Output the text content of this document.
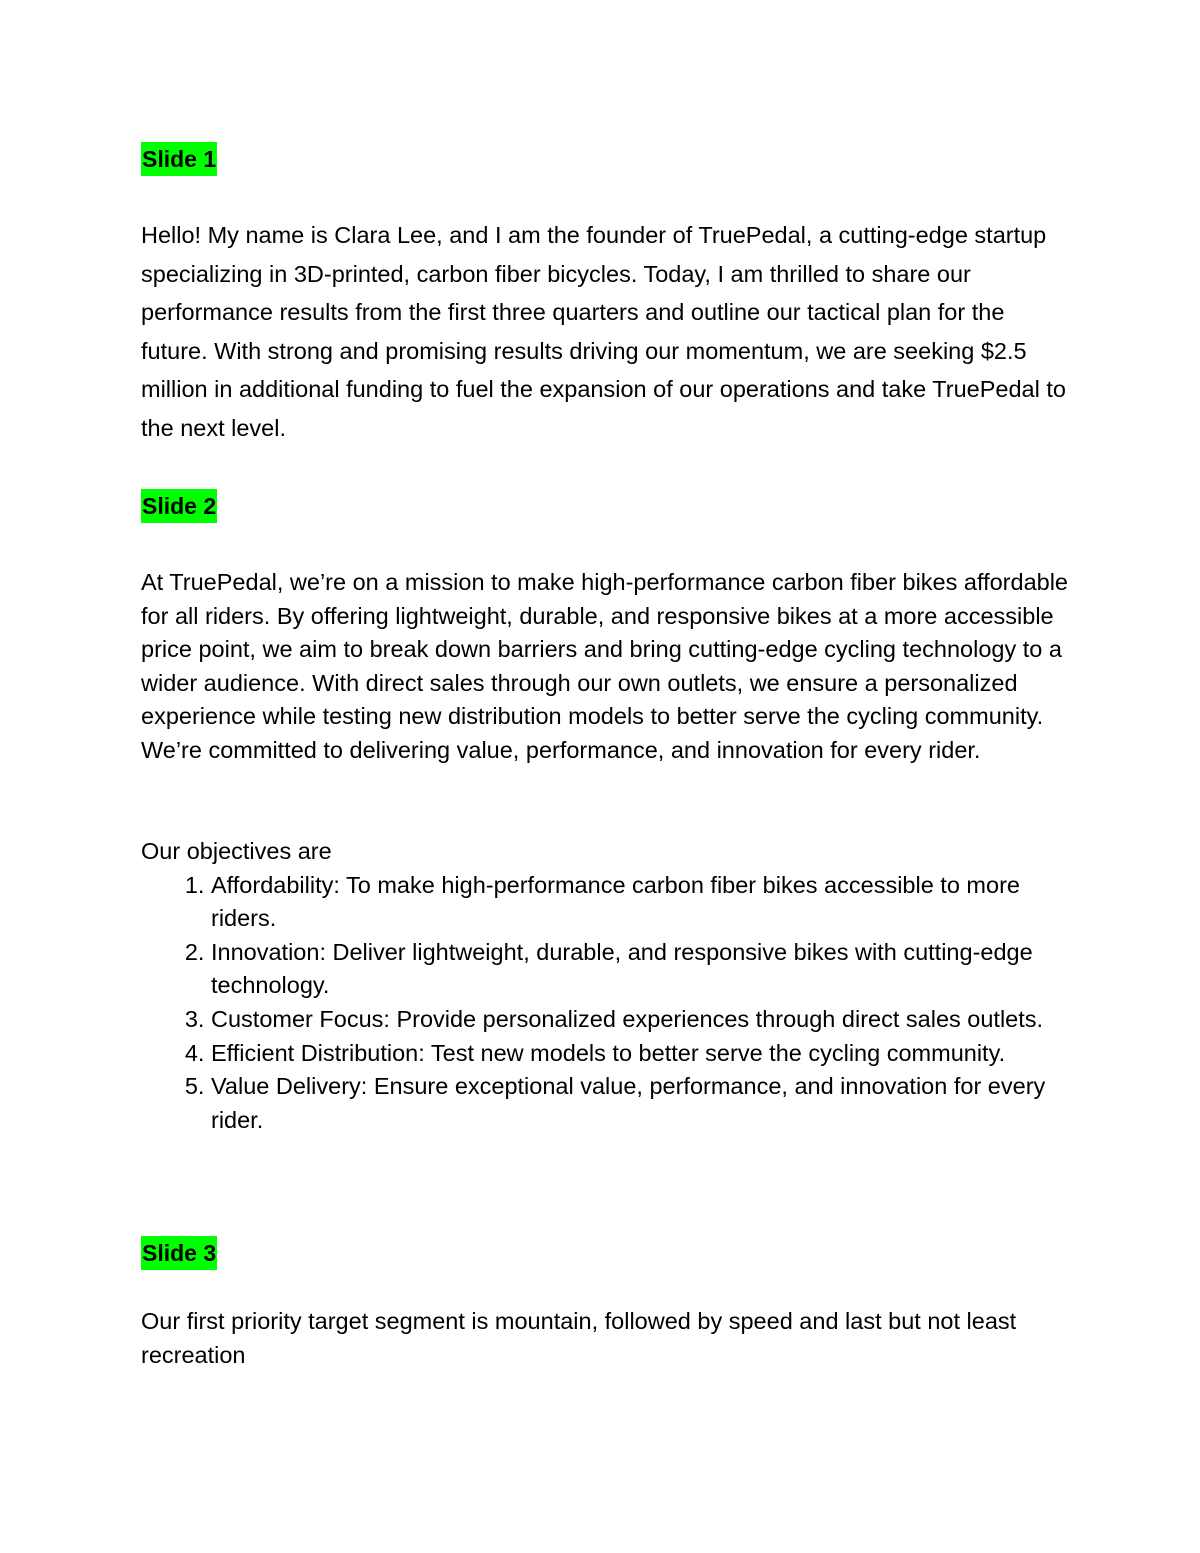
Slide 1

Hello! My name is Clara Lee, and I am the founder of TruePedal, a cutting-edge startup specializing in 3D-printed, carbon fiber bicycles. Today, I am thrilled to share our performance results from the first three quarters and outline our tactical plan for the future. With strong and promising results driving our momentum, we are seeking $2.5 million in additional funding to fuel the expansion of our operations and take TruePedal to the next level.

Slide 2

At TruePedal, we’re on a mission to make high-performance carbon fiber bikes affordable for all riders. By offering lightweight, durable, and responsive bikes at a more accessible price point, we aim to break down barriers and bring cutting-edge cycling technology to a wider audience. With direct sales through our own outlets, we ensure a personalized experience while testing new distribution models to better serve the cycling community. We’re committed to delivering value, performance, and innovation for every rider.

Our objectives are

1. Affordability: To make high-performance carbon fiber bikes accessible to more riders.
2. Innovation: Deliver lightweight, durable, and responsive bikes with cutting-edge technology.
3. Customer Focus: Provide personalized experiences through direct sales outlets.
4. Efficient Distribution: Test new models to better serve the cycling community.
5. Value Delivery: Ensure exceptional value, performance, and innovation for every rider.
Slide 3

Our first priority target segment is mountain, followed by speed and last but not least recreation
